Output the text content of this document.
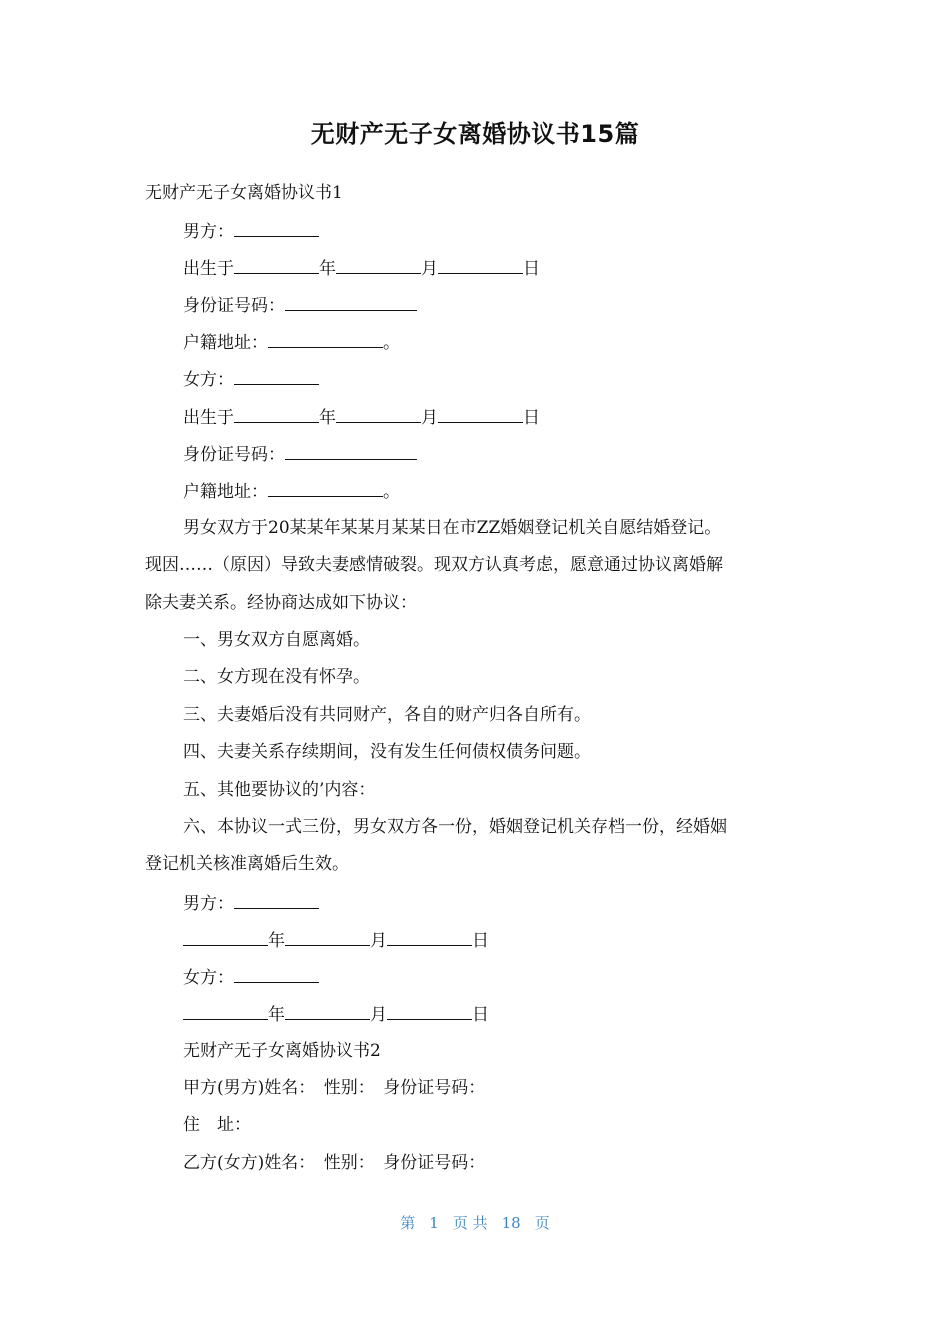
无财产无子女离婚协议书15篇
无财产无子女离婚协议书1
男方：
出生于	年	月	日
身份证号码：
户籍地址：	。
女方：
出生于	年	月	日
身份证号码：
户籍地址：	。
男女双方于20某某年某某月某某日在市ZZ婚姻登记机关自愿结婚登记。
现因……（原因）导致夫妻感情破裂。现双方认真考虑，愿意通过协议离婚解
除夫妻关系。经协商达成如下协议：
一、男女双方自愿离婚。
二、女方现在没有怀孕。
三、夫妻婚后没有共同财产，各自的财产归各自所有。
四、夫妻关系存续期间，没有发生任何债权债务问题。
五、其他要协议的’内容：
六、本协议一式三份，男女双方各一份，婚姻登记机关存档一份，经婚姻
登记机关核准离婚后生效。
男方：
年	月	日
女方：
年	月	日
无财产无子女离婚协议书2
甲方(男方)姓名：　性别：　身份证号码：
住　址：
乙方(女方)姓名：　性别：　身份证号码：
第 1 页 共 18 页
